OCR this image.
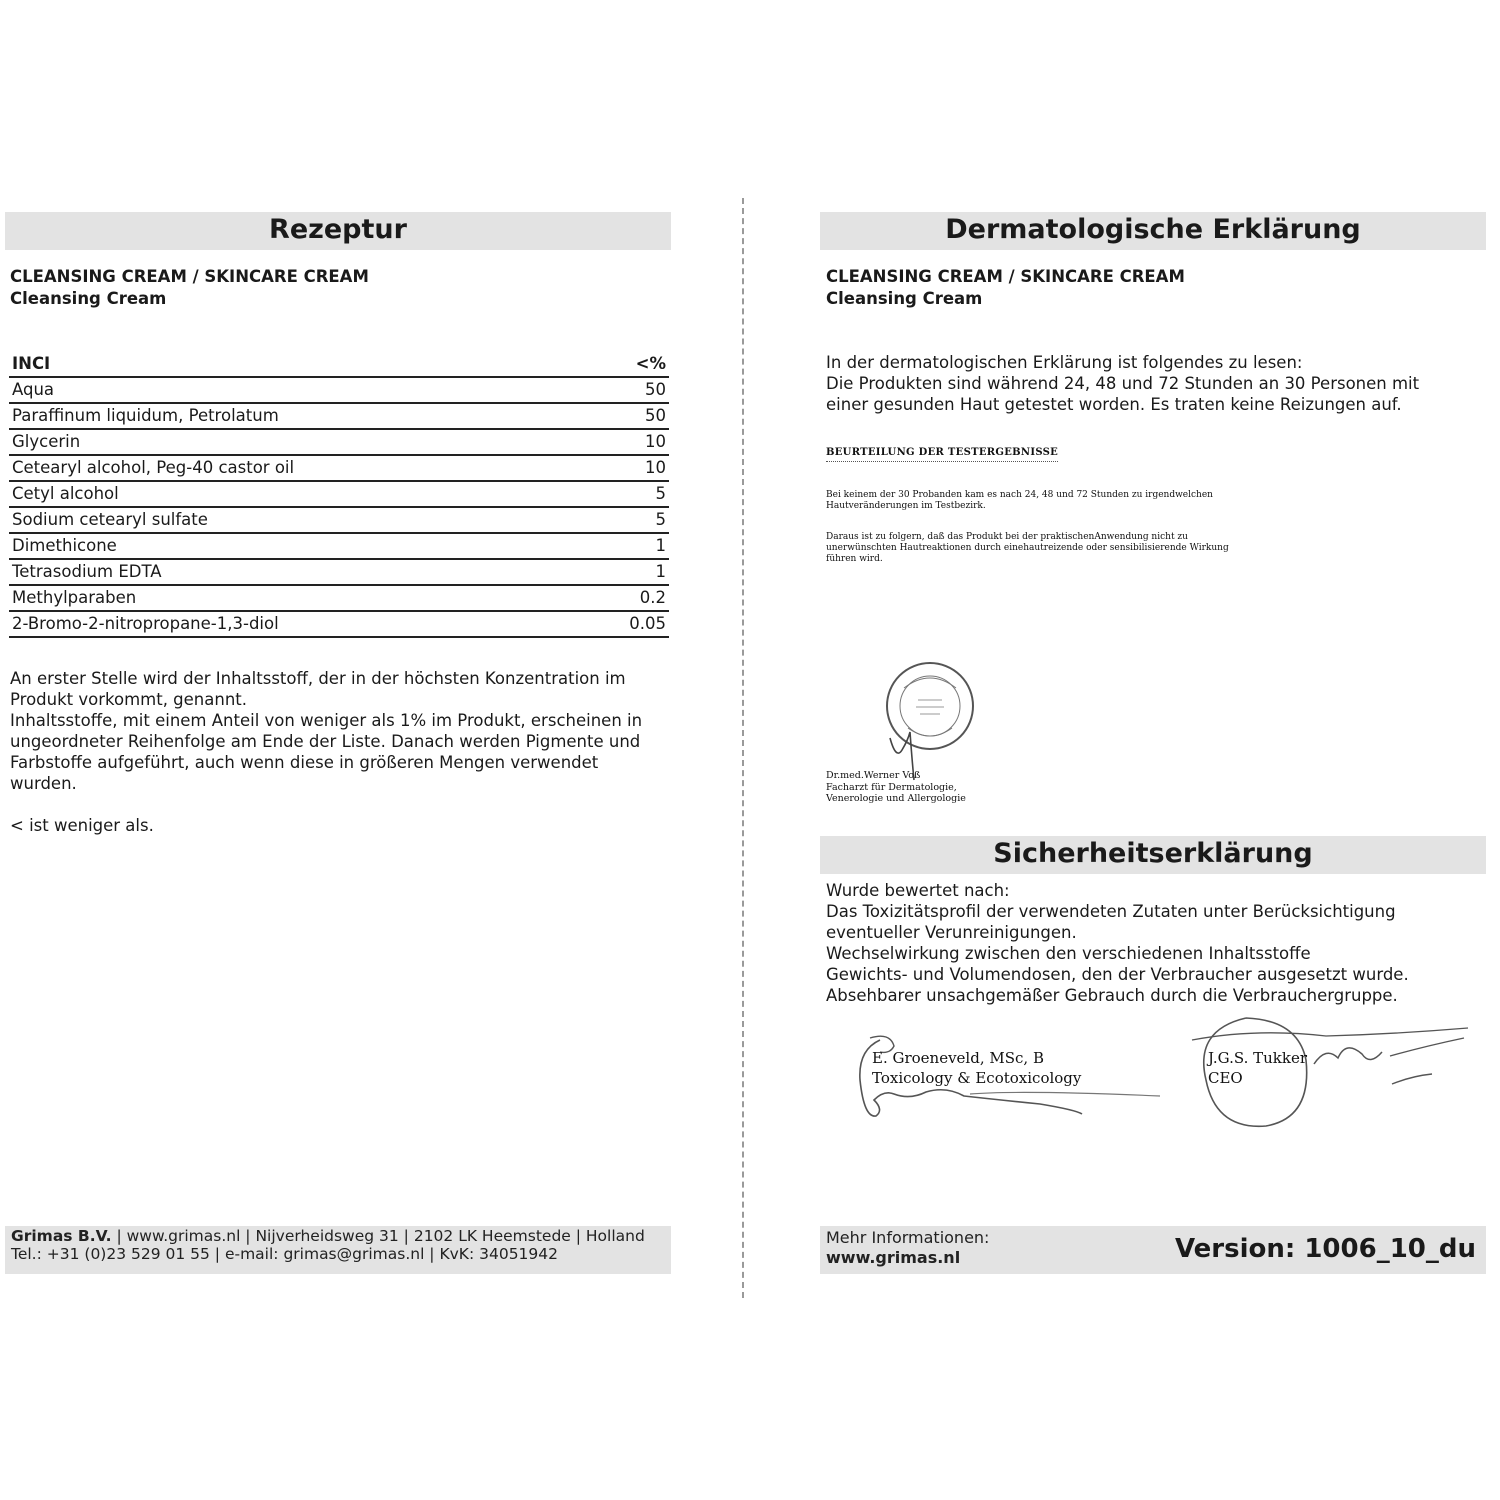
Rezeptur
CLEANSING CREAM / SKINCARE CREAM
Cleansing Cream
INCI	<%
Aqua	50
Paraffinum liquidum, Petrolatum	50
Glycerin	10
Cetearyl alcohol, Peg-40 castor oil	10
Cetyl alcohol	5
Sodium cetearyl sulfate	5
Dimethicone	1
Tetrasodium EDTA	1
Methylparaben	0.2
2-Bromo-2-nitropropane-1,3-diol	0.05

An erster Stelle wird der Inhaltsstoff, der in der höchsten Konzentration im Produkt vorkommt, genannt.

Inhaltsstoffe, mit einem Anteil von weniger als 1% im Produkt, erscheinen in ungeordneter Reihenfolge am Ende der Liste. Danach werden Pigmente und Farbstoffe aufgeführt, auch wenn diese in größeren Mengen verwendet wurden.

< ist weniger als.

Grimas B.V. | www.grimas.nl | Nijverheidsweg 31 | 2102 LK Heemstede | Holland
Tel.: +31 (0)23 529 01 55 | e-mail: grimas@grimas.nl | KvK: 34051942
Dermatologische Erklärung
CLEANSING CREAM / SKINCARE CREAM
Cleansing Cream

In der dermatologischen Erklärung ist folgendes zu lesen:

Die Produkten sind während 24, 48 und 72 Stunden an 30 Personen mit einer gesunden Haut getestet worden. Es traten keine Reizungen auf.

BEURTEILUNG DER TESTERGEBNISSE
Bei keinem der 30 Probanden kam es nach 24, 48 und 72 Stunden zu irgendwelchen Hautveränderungen im Testbezirk.
Daraus ist zu folgern, daß das Produkt bei der praktischenAnwendung nicht zu unerwünschten Hautreaktionen durch einehautreizende oder sensibilisierende Wirkung führen wird.
Dr.med.Werner Voß
Facharzt für Dermatologie,
Venerologie und Allergologie
Sicherheitserklärung

Wurde bewertet nach:

Das Toxizitätsprofil der verwendeten Zutaten unter Berücksichtigung eventueller Verunreinigungen.

Wechselwirkung zwischen den verschiedenen Inhaltsstoffe

Gewichts- und Volumendosen, den der Verbraucher ausgesetzt wurde.

Absehbarer unsachgemäßer Gebrauch durch die Verbrauchergruppe.

E. Groeneveld, MSc, B
Toxicology & Ecotoxicology
J.G.S. Tukker
CEO
Mehr Informationen:
www.grimas.nl	Version: 1006_10_du
